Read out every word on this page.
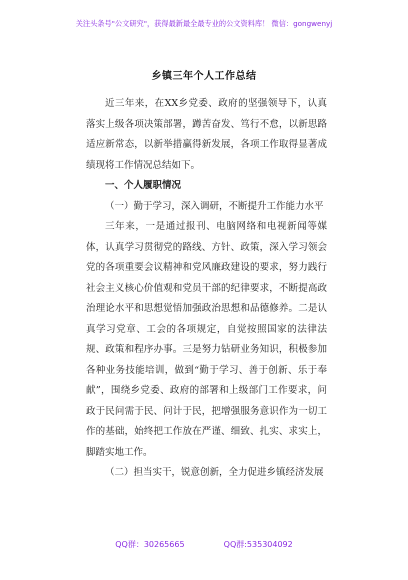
关注头条号"公文研究"，获得最新最全最专业的公文资料库！ 微信：gongwenyj
乡镇三年个人工作总结

近三年来，在XX乡党委、政府的坚强领导下，认真落实上级各项决策部署，蹲苦奋发、笃行不怠，以新思路适应新常态，以新举措赢得新发展，各项工作取得显著成绩现将工作情况总结如下。

一、个人履职情况

（一）勤于学习，深入调研，不断提升工作能力水平

三年来，一是通过报刊、电脑网络和电视新闻等媒体，认真学习贯彻党的路线、方针、政策，深入学习领会党的各项重要会议精神和党风廉政建设的要求，努力践行社会主义核心价值观和党员干部的纪律要求，不断提高政治理论水平和思想觉悟加强政治思想和品德修养。二是认真学习党章、工会的各项规定，自觉按照国家的法律法规、政策和程序办事。三是努力钻研业务知识，积极参加各种业务技能培训，做到“勤于学习、善于创新、乐于奉献”，围绕乡党委、政府的部署和上级部门工作要求，问政于民问需于民、问计于民，把增强服务意识作为一切工作的基础，始终把工作放在严谨、细致、扎实、求实上，脚踏实地工作。

（二）担当实干，锐意创新，全力促进乡镇经济发展

QQ群：30265665	QQ群:535304092
